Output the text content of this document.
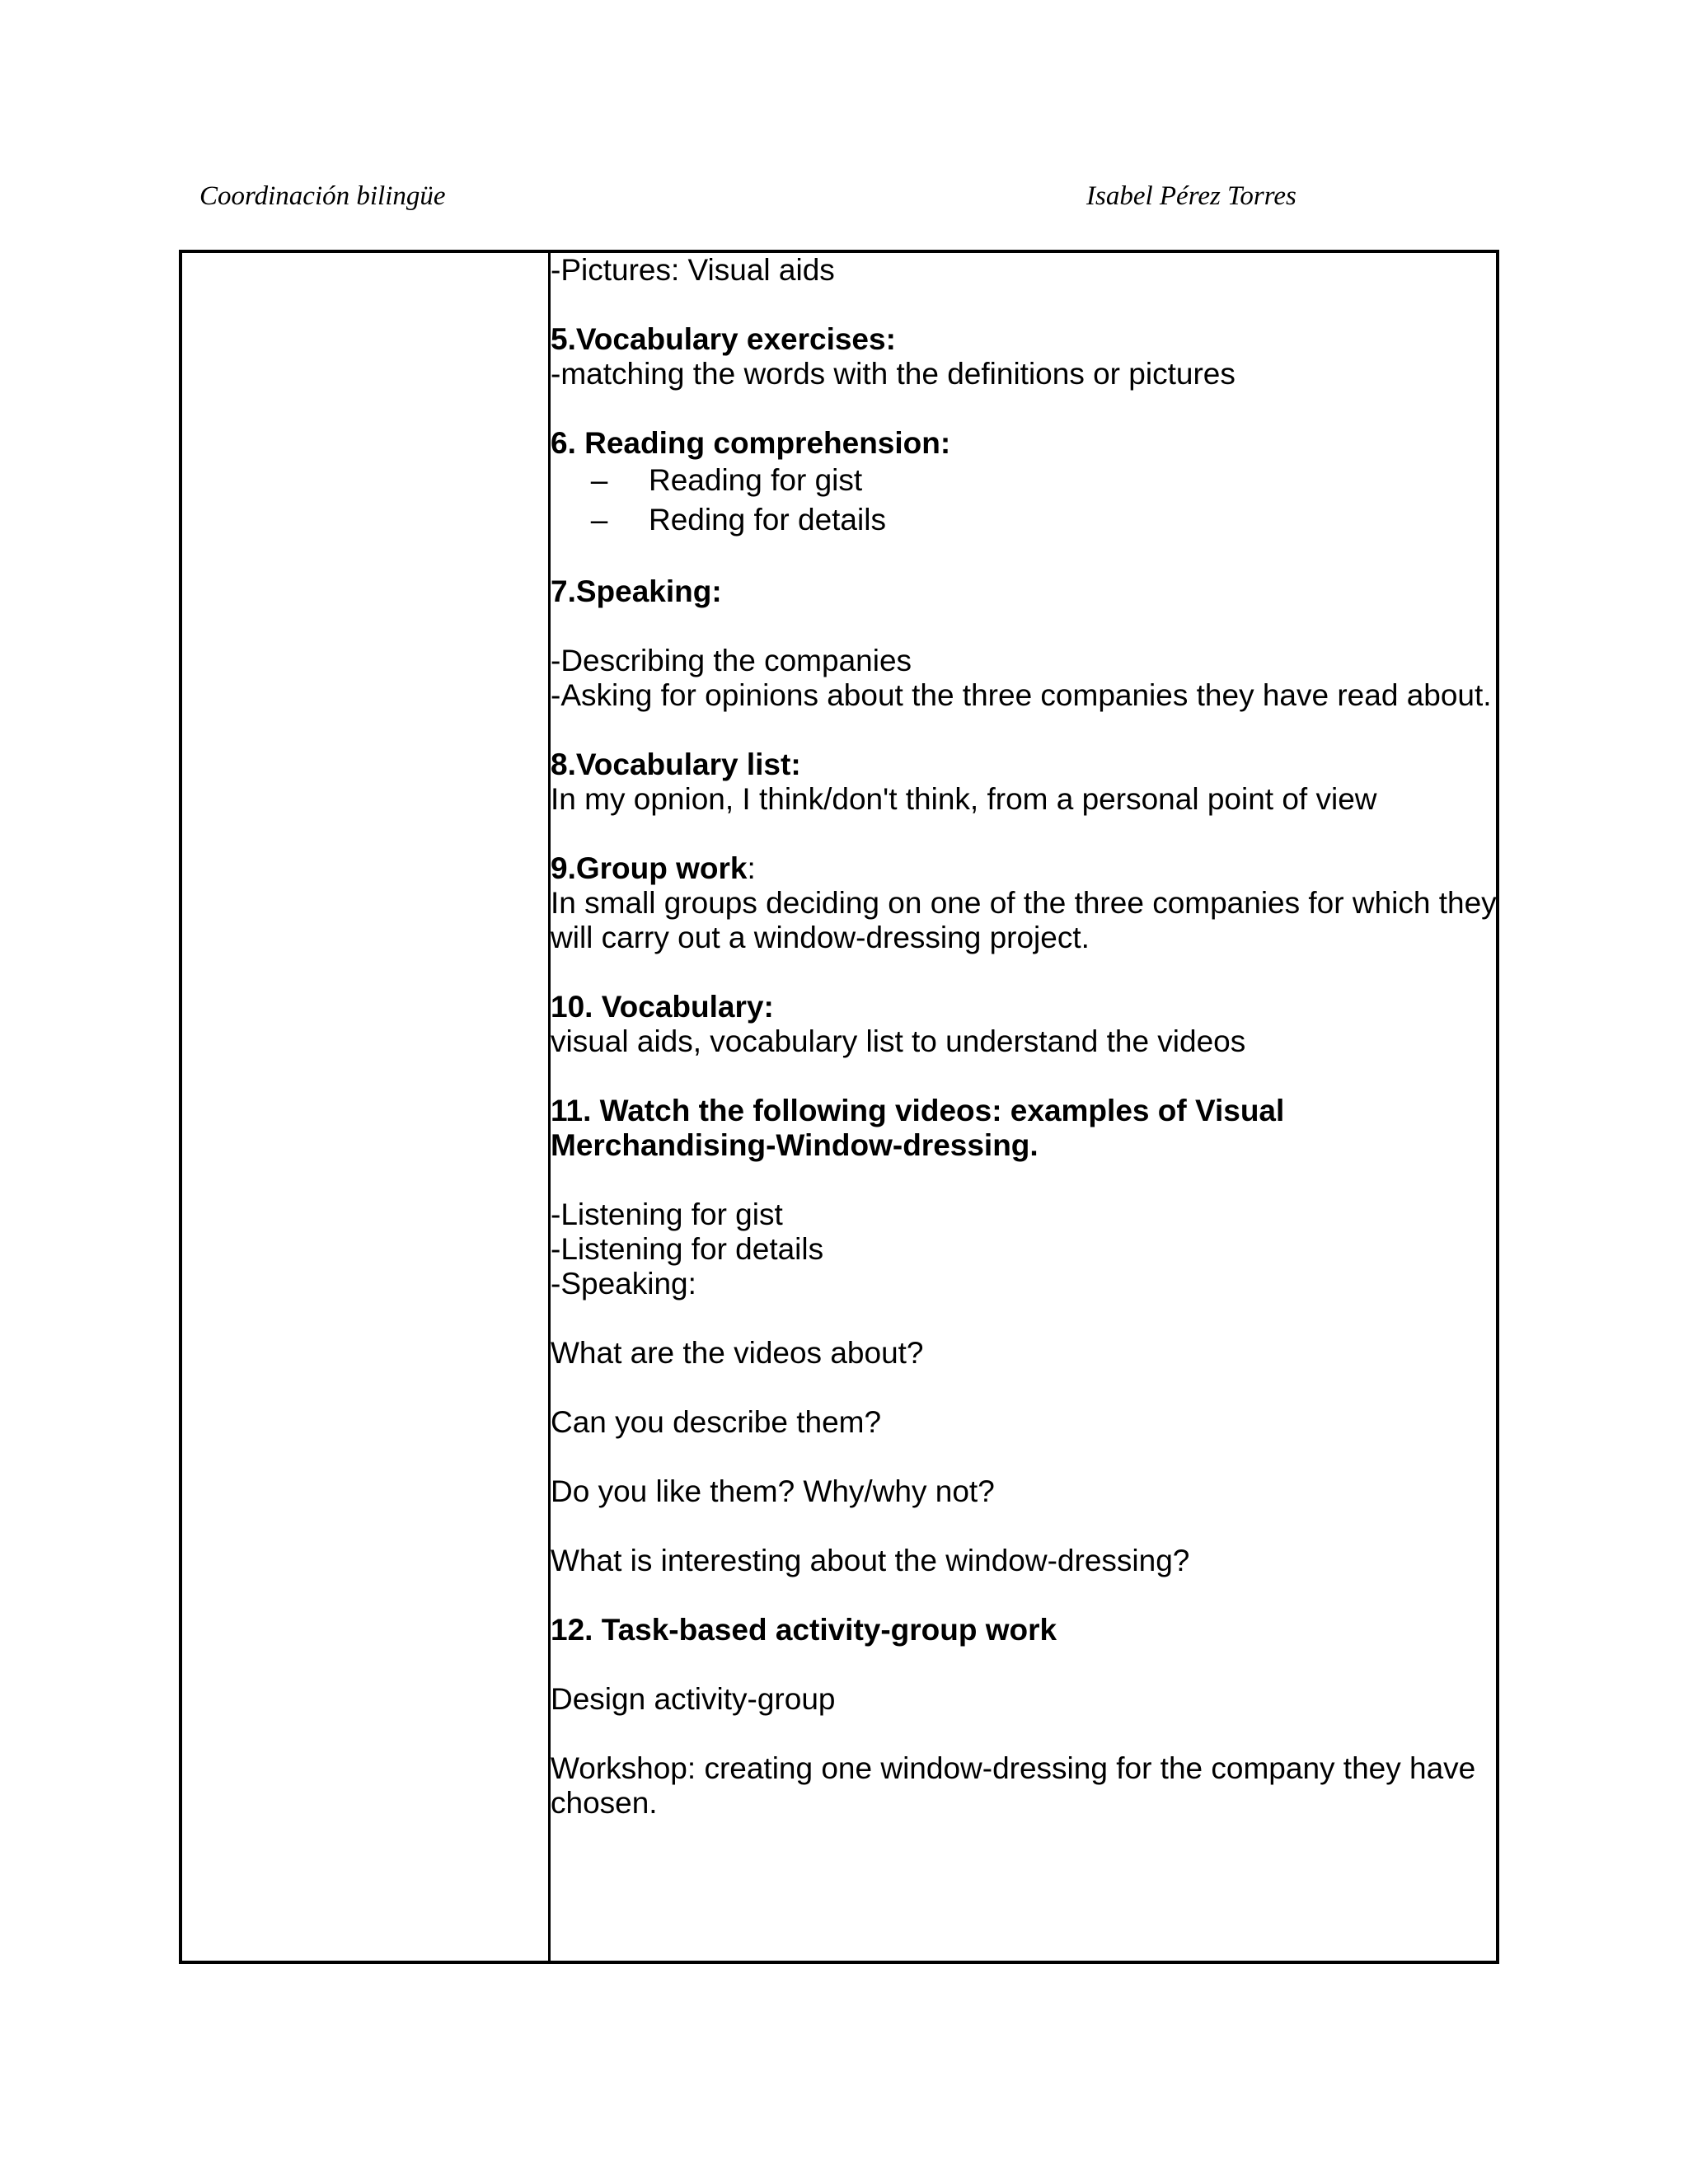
Coordinación bilingüe	Isabel Pérez Torres
-Pictures: Visual aids
5.Vocabulary exercises:
-matching the words with the definitions or pictures
6. Reading comprehension:
– Reading for gist
– Reding for details
7.Speaking:
-Describing the companies
-Asking for opinions about the three companies they have read about.
8.Vocabulary list:
In my opnion, I think/don't think, from a personal point of view
9.Group work:
In small groups deciding on one of the three companies for which they
will carry out a window-dressing project.
10. Vocabulary:
visual aids, vocabulary list to understand the videos
11. Watch the following videos: examples of Visual
Merchandising-Window-dressing.
-Listening for gist
-Listening for details
-Speaking:
What are the videos about?
Can you describe them?
Do you like them? Why/why not?
What is interesting about the window-dressing?
12. Task-based activity-group work
Design activity-group
Workshop: creating one window-dressing for the company they have
chosen.
